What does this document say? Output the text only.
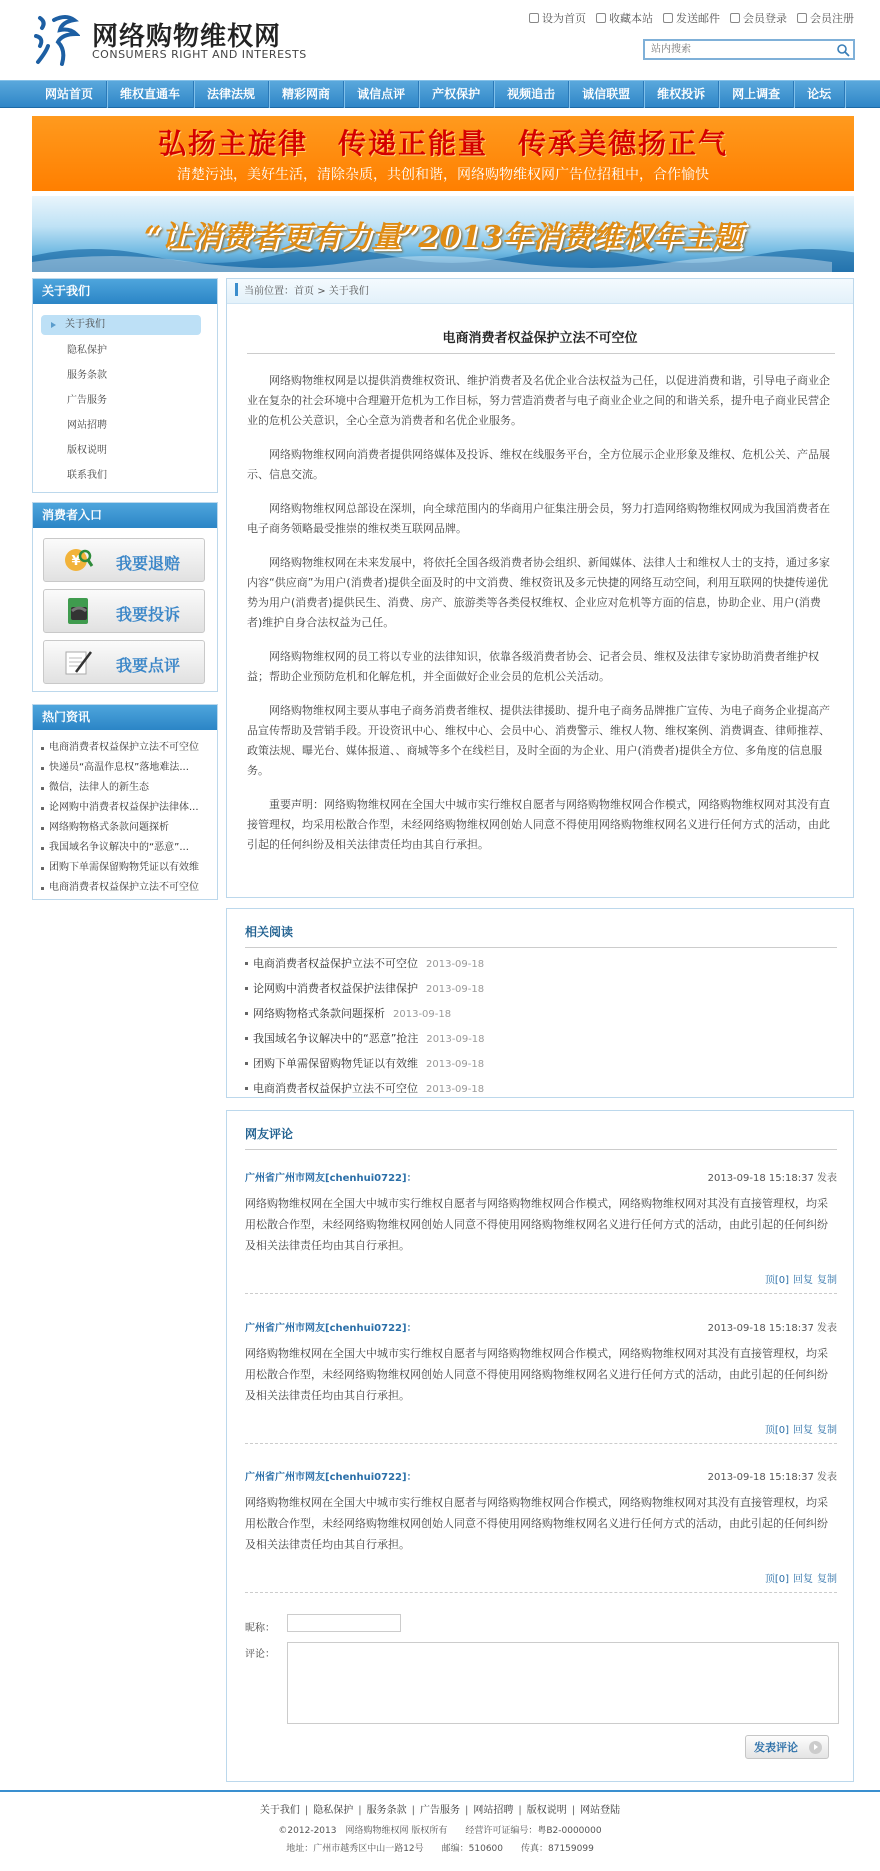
网络购物维权网
CONSUMERS RIGHT AND INTERESTS
设为首页	收藏本站	发送邮件	会员登录	会员注册
站内搜索
网站首页	维权直通车	法律法规	精彩网商	诚信点评	产权保护	视频追击	诚信联盟	维权投诉	网上调查	论坛
弘扬主旋律　传递正能量　传承美德扬正气
清楚污浊，美好生活，清除杂质，共创和谐，网络购物维权网广告位招租中，合作愉快
“让消费者更有力量”2013年消费维权年主题
关于我们
关于我们
隐私保护
服务条款
广告服务
网站招聘
版权说明
联系我们
消费者入口
¥ 我要退赔
我要投诉
我要点评
热门资讯
电商消费者权益保护立法不可空位
快递员“高温作息权”落地难法...
微信，法律人的新生态
论网购中消费者权益保护法律体...
网络购物格式条款问题探析
我国域名争议解决中的“恶意”...
团购下单需保留购物凭证以有效维
电商消费者权益保护立法不可空位
当前位置：首页 > 关于我们
电商消费者权益保护立法不可空位

网络购物维权网是以提供消费维权资讯、维护消费者及名优企业合法权益为己任，以促进消费和谐，引导电子商业企业在复杂的社会环境中合理避开危机为工作目标，努力营造消费者与电子商业企业之间的和谐关系，提升电子商业民营企业的危机公关意识，全心全意为消费者和名优企业服务。

网络购物维权网向消费者提供网络媒体及投诉、维权在线服务平台，全方位展示企业形象及维权、危机公关、产品展示、信息交流。

网络购物维权网总部设在深圳，向全球范围内的华商用户征集注册会员，努力打造网络购物维权网成为我国消费者在电子商务领略最受推崇的维权类互联网品牌。

网络购物维权网在未来发展中，将依托全国各级消费者协会组织、新闻媒体、法律人士和维权人士的支持，通过多家内容“供应商”为用户(消费者)提供全面及时的中文消费、维权资讯及多元快捷的网络互动空间，利用互联网的快捷传递优势为用户(消费者)提供民生、消费、房产、旅游类等各类侵权维权、企业应对危机等方面的信息，协助企业、用户(消费者)维护自身合法权益为己任。

网络购物维权网的员工将以专业的法律知识，依靠各级消费者协会、记者会员、维权及法律专家协助消费者维护权益；帮助企业预防危机和化解危机，并全面做好企业会员的危机公关活动。

网络购物维权网主要从事电子商务消费者维权、提供法律援助、提升电子商务品牌推广宣传、为电子商务企业提高产品宣传帮助及营销手段。开设资讯中心、维权中心、会员中心、消费警示、维权人物、维权案例、消费调查、律师推荐、政策法规、曝光台、媒体报道、、商城等多个在线栏目，及时全面的为企业、用户(消费者)提供全方位、多角度的信息服务。

重要声明：网络购物维权网在全国大中城市实行维权自愿者与网络购物维权网合作模式，网络购物维权网对其没有直接管理权，均采用松散合作型，未经网络购物维权网创始人同意不得使用网络购物维权网名义进行任何方式的活动，由此引起的任何纠纷及相关法律责任均由其自行承担。

相关阅读
电商消费者权益保护立法不可空位 2013-09-18
论网购中消费者权益保护法律保护 2013-09-18
网络购物格式条款问题探析 2013-09-18
我国域名争议解决中的“恶意”抢注 2013-09-18
团购下单需保留购物凭证以有效维 2013-09-18
电商消费者权益保护立法不可空位 2013-09-18
网友评论
广州省广州市网友[chenhui0722]：	2013-09-18 15:18:37 发表
网络购物维权网在全国大中城市实行维权自愿者与网络购物维权网合作模式，网络购物维权网对其没有直接管理权，均采用松散合作型，未经网络购物维权网创始人同意不得使用网络购物维权网名义进行任何方式的活动，由此引起的任何纠纷及相关法律责任均由其自行承担。
顶[0] 回复 复制
广州省广州市网友[chenhui0722]：	2013-09-18 15:18:37 发表
网络购物维权网在全国大中城市实行维权自愿者与网络购物维权网合作模式，网络购物维权网对其没有直接管理权，均采用松散合作型，未经网络购物维权网创始人同意不得使用网络购物维权网名义进行任何方式的活动，由此引起的任何纠纷及相关法律责任均由其自行承担。
顶[0] 回复 复制
广州省广州市网友[chenhui0722]：	2013-09-18 15:18:37 发表
网络购物维权网在全国大中城市实行维权自愿者与网络购物维权网合作模式，网络购物维权网对其没有直接管理权，均采用松散合作型，未经网络购物维权网创始人同意不得使用网络购物维权网名义进行任何方式的活动，由此引起的任何纠纷及相关法律责任均由其自行承担。
顶[0] 回复 复制
昵称：
评论：
发表评论
关于我们 | 隐私保护 | 服务条款 | 广告服务 | 网站招聘 | 版权说明 | 网站登陆
©2012-2013　网络购物维权网 版权所有　　经营许可证编号：粤B2-0000000
地址：广州市越秀区中山一路12号　　邮编：510600　　传真：87159099
